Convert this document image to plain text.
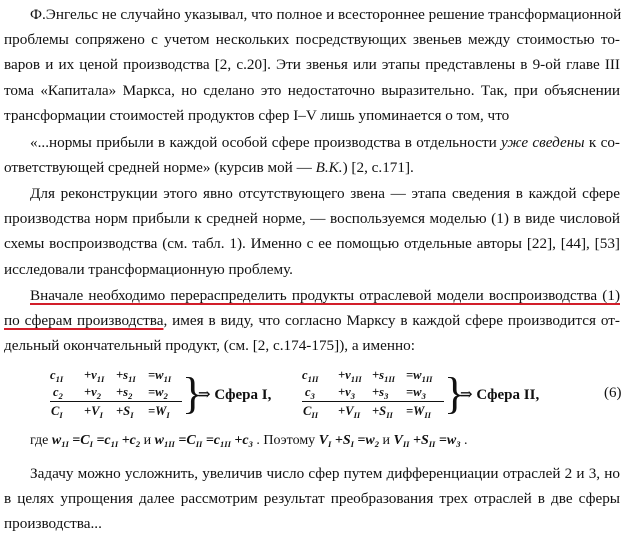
Ф.Энгельс не случайно указывал, что полное и всестороннее решение трансформационной
проблемы сопряжено с учетом нескольких посредствующих звеньев между стоимостью то-
варов и их ценой производства [2, с.20]. Эти звенья или этапы представлены в 9-ой главе III
тома «Капитала» Маркса, но сделано это недостаточно выразительно. Так, при объяснении
трансформации стоимостей продуктов сфер I–V лишь упоминается о том, что
«...нормы прибыли в каждой особой сфере производства в отдельности уже сведены к со-
ответствующей средней норме» (курсив мой — В.К.) [2, с.171].
Для реконструкции этого явно отсутствующего звена — этапа сведения в каждой сфере
производства норм прибыли к средней норме, — воспользуемся моделью (1) в виде числовой
схемы воспроизводства (см. табл. 1). Именно с ее помощью отдельные авторы [22], [44], [53]
исследовали трансформационную проблему.
Вначале необходимо перераспределить продукты отраслевой модели воспроизводства (1)
по сферам производства, имея в виду, что согласно Марксу в каждой сфере производится от-
дельный окончательный продукт, (см. [2, с.174-175]), а именно:
$c_{1I} +v_{1I} +s_{1I} =w_{1I}$
$c_2 +v_2 +s_2 =w_2$
$C_I +V_I +S_I =W_I$ }
⇒ Сфера I,
$c_{1II} +v_{1II} +s_{1II} =w_{1II}$
$c_3 +v_3 +s_3 =w_3$
$C_{II} +V_{II} +S_{II} =W_{II}$ }
⇒ Сфера II,	(6)
где $w_{1I} =C_I =c_{1I} +c_2$ и $w_{1II} =C_{II} =c_{1II} +c_3$ . Поэтому $V_I +S_I =w_2$ и $V_{II} +S_{II} =w_3$ .
Задачу можно усложнить, увеличив число сфер путем дифференциации отраслей 2 и 3, но
в целях упрощения далее рассмотрим результат преобразования трех отраслей в две сферы
производства...
